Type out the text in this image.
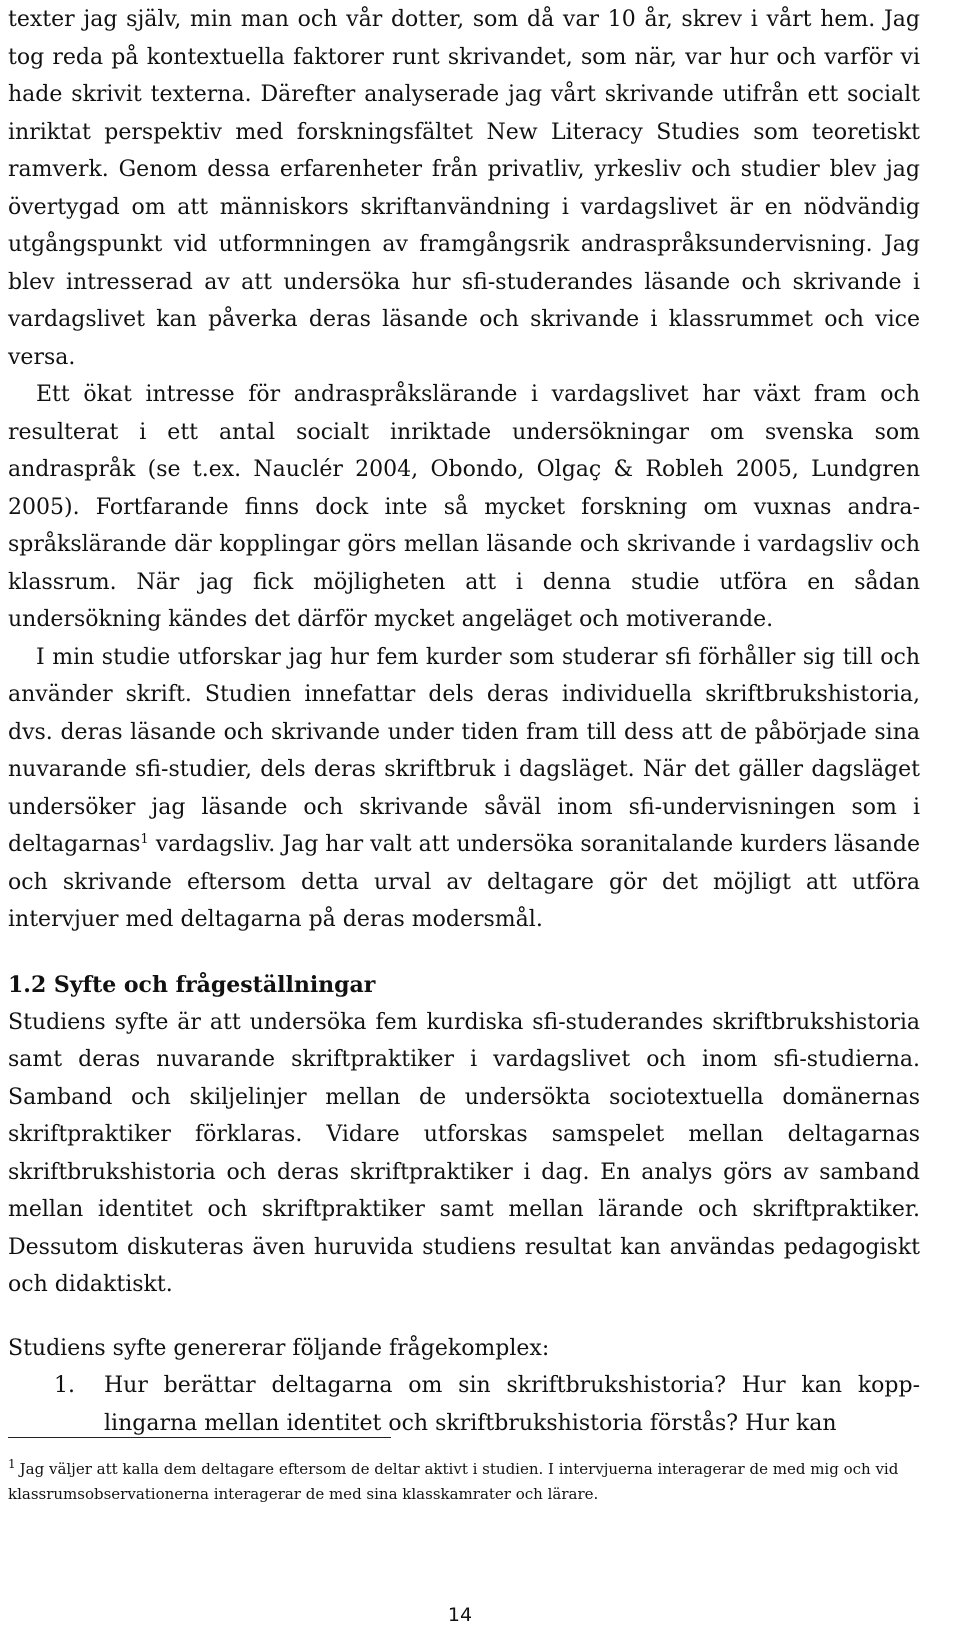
texter jag själv, min man och vår dotter, som då var 10 år, skrev i vårt hem. Jag tog reda på kontextuella faktorer runt skrivandet, som när, var hur och varför vi hade skrivit texterna. Därefter analyserade jag vårt skrivande utifrån ett socialt inriktat perspektiv med forskningsfältet New Literacy Studies som teoretiskt ramverk. Genom dessa erfarenheter från privatliv, yrkesliv och studier blev jag övertygad om att människors skriftanvändning i vardagslivet är en nödvändig utgångspunkt vid utformningen av framgångsrik andraspråksundervisning. Jag blev intresserad av att undersöka hur sfi-studerandes läsande och skrivande i vardagslivet kan påverka deras läsande och skrivande i klassrummet och vice versa.

Ett ökat intresse för andraspråkslärande i vardagslivet har växt fram och resulterat i ett antal socialt inriktade undersökningar om svenska som andraspråk (se t.ex. Nauclér 2004, Obondo, Olgaç & Robleh 2005, Lundgren 2005). Fortfarande finns dock inte så mycket forskning om vuxnas andraspråkslärande där kopplingar görs mellan läsande och skrivande i vardagsliv och klassrum. När jag fick möjligheten att i denna studie utföra en sådan undersökning kändes det därför mycket angeläget och motiverande.

I min studie utforskar jag hur fem kurder som studerar sfi förhåller sig till och använder skrift. Studien innefattar dels deras individuella skriftbrukshistoria, dvs. deras läsande och skrivande under tiden fram till dess att de påbörjade sina nuvarande sfi-studier, dels deras skriftbruk i dagsläget. När det gäller dagsläget undersöker jag läsande och skrivande såväl inom sfi-undervisningen som i deltagarnas$^1$ vardagsliv. Jag har valt att undersöka soranitalande kurders läsande och skrivande eftersom detta urval av deltagare gör det möjligt att utföra intervjuer med deltagarna på deras modersmål.

1.2 Syfte och frågeställningar

Studiens syfte är att undersöka fem kurdiska sfi-studerandes skriftbrukshistoria samt deras nuvarande skriftpraktiker i vardagslivet och inom sfi-studierna. Samband och skiljelinjer mellan de undersökta sociotextuella domänernas skriftpraktiker förklaras. Vidare utforskas samspelet mellan deltagarnas skriftbrukshistoria och deras skriftpraktiker i dag. En analys görs av samband mellan identitet och skriftpraktiker samt mellan lärande och skriftpraktiker. Dessutom diskuteras även huruvida studiens resultat kan användas pedagogiskt och didaktiskt.

Studiens syfte genererar följande frågekomplex:

1. Hur berättar deltagarna om sin skriftbrukshistoria? Hur kan kopplingarna mellan identitet och skriftbrukshistoria förstås? Hur kan
$^1$ Jag väljer att kalla dem deltagare eftersom de deltar aktivt i studien. I intervjuerna interagerar de med mig och vid klassrumsobservationerna interagerar de med sina klasskamrater och lärare.
14
